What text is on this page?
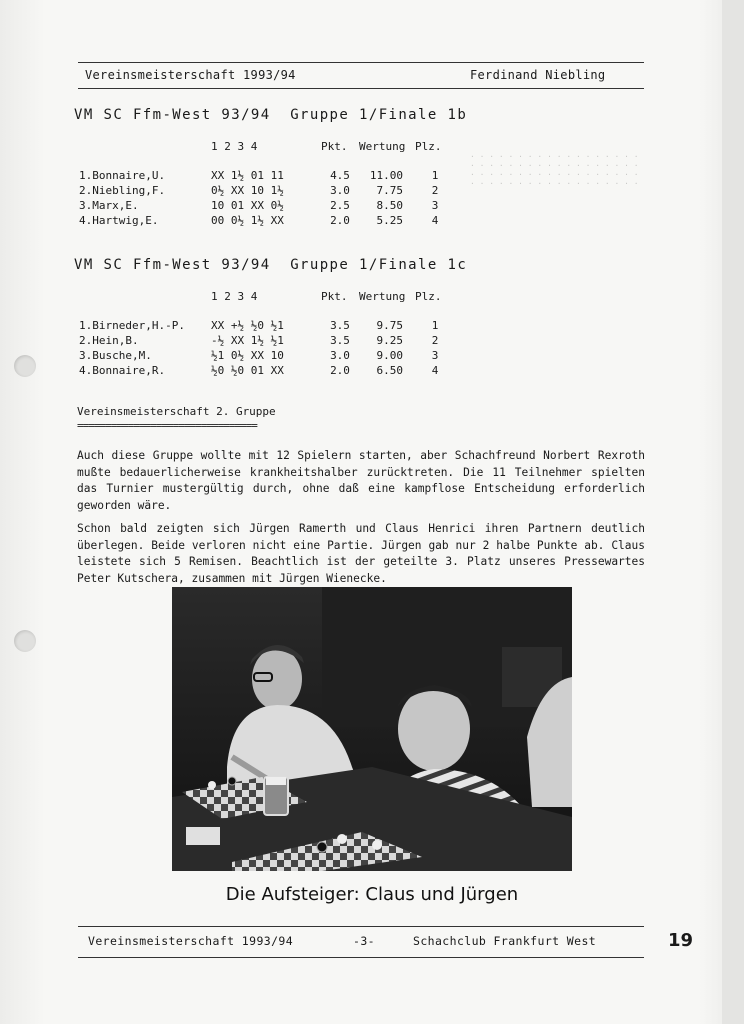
. . . . . . . . . . . . . . . . . .
. . . . . . . . . . . . . . . . . .
. . . . . . . . . . . . . . . . . .
. . . . . . . . . . . . . . . . . .
Vereinsmeisterschaft 1993/94	Ferdinand Niebling
VM SC Ffm-West 93/94  Gruppe 1/Finale 1b
	1 2 3 4	Pkt.	Wertung	Plz.

1.Bonnaire,U.	XX 1½ 01 11	4.5	11.00	1
2.Niebling,F.	0½ XX 10 1½	3.0	7.75	2
3.Marx,E.	10 01 XX 0½	2.5	8.50	3
4.Hartwig,E.	00 0½ 1½ XX	2.0	5.25	4
VM SC Ffm-West 93/94  Gruppe 1/Finale 1c
	1 2 3 4	Pkt.	Wertung	Plz.

1.Birneder,H.-P.	XX +½ ½0 ½1	3.5	9.75	1
2.Hein,B.	-½ XX 1½ ½1	3.5	9.25	2
3.Busche,M.	½1 0½ XX 10	3.0	9.00	3
4.Bonnaire,R.	½0 ½0 01 XX	2.0	6.50	4
Vereinsmeisterschaft 2. Gruppe
================================
Auch diese Gruppe wollte mit 12 Spielern starten, aber Schachfreund Norbert Rexroth mußte bedauerlicherweise krankheitshalber zurücktreten. Die 11 Teilnehmer spielten das Turnier mustergültig durch, ohne daß eine kampflose Entscheidung erforderlich geworden wäre.
Schon bald zeigten sich Jürgen Ramerth und Claus Henrici ihren Partnern deutlich überlegen. Beide verloren nicht eine Partie. Jürgen gab nur 2 halbe Punkte ab. Claus leistete sich 5 Remisen. Beachtlich ist der geteilte 3. Platz unseres Pressewartes Peter Kutschera, zusammen mit Jürgen Wienecke.
Die Aufsteiger: Claus und Jürgen
Vereinsmeisterschaft 1993/94	-3-	Schachclub Frankfurt West	19
